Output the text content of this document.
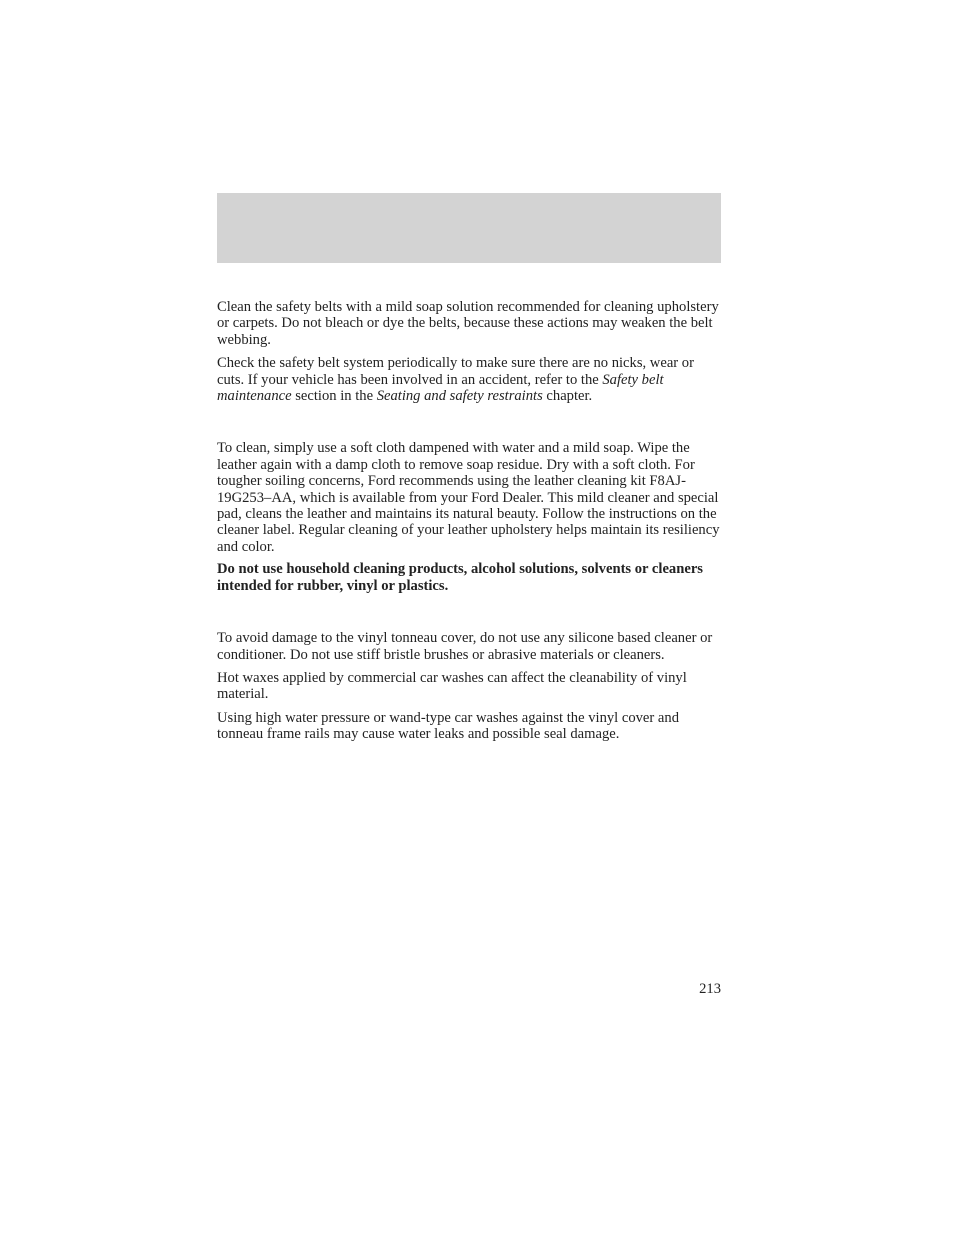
Clean the safety belts with a mild soap solution recommended for cleaning upholstery or carpets. Do not bleach or dye the belts, because these actions may weaken the belt webbing.

Check the safety belt system periodically to make sure there are no nicks, wear or cuts. If your vehicle has been involved in an accident, refer to the Safety belt maintenance section in the Seating and safety restraints chapter.

To clean, simply use a soft cloth dampened with water and a mild soap. Wipe the leather again with a damp cloth to remove soap residue. Dry with a soft cloth. For tougher soiling concerns, Ford recommends using the leather cleaning kit F8AJ-19G253–AA, which is available from your Ford Dealer. This mild cleaner and special pad, cleans the leather and maintains its natural beauty. Follow the instructions on the cleaner label. Regular cleaning of your leather upholstery helps maintain its resiliency and color.

Do not use household cleaning products, alcohol solutions, solvents or cleaners intended for rubber, vinyl or plastics.

To avoid damage to the vinyl tonneau cover, do not use any silicone based cleaner or conditioner. Do not use stiff bristle brushes or abrasive materials or cleaners.

Hot waxes applied by commercial car washes can affect the cleanability of vinyl material.

Using high water pressure or wand-type car washes against the vinyl cover and tonneau frame rails may cause water leaks and possible seal damage.

213
